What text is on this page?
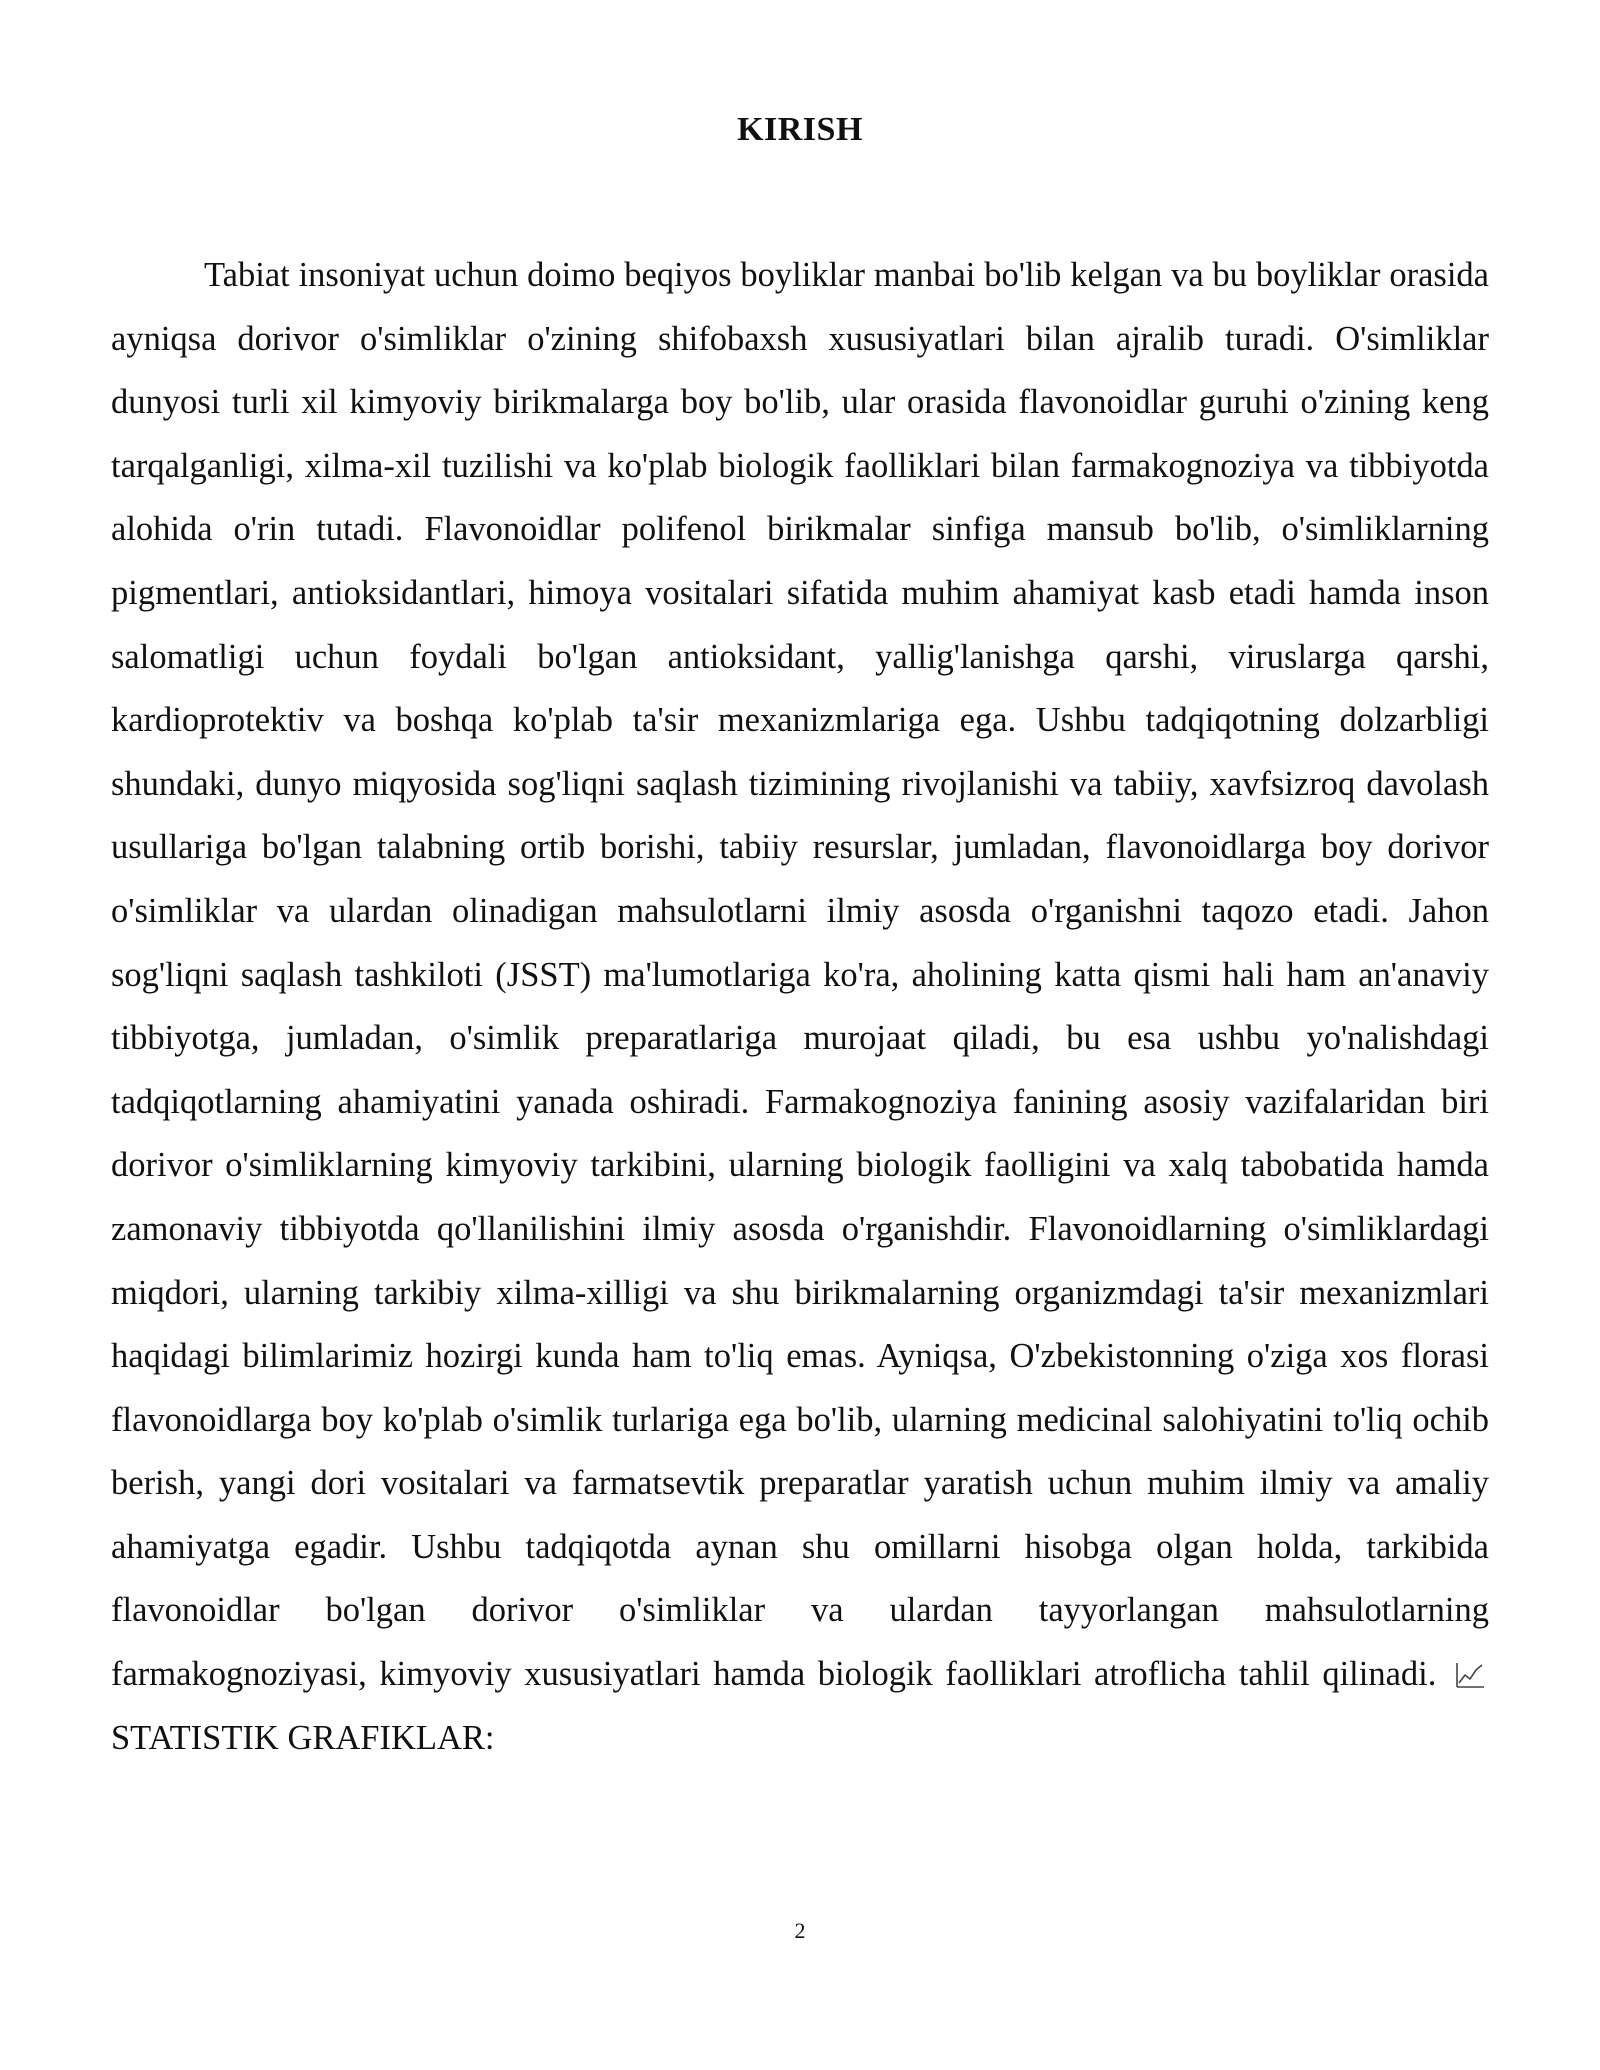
KIRISH

Tabiat insoniyat uchun doimo beqiyos boyliklar manbai bo'lib kelgan va bu boyliklar orasida ayniqsa dorivor o'simliklar o'zining shifobaxsh xususiyatlari bilan ajralib turadi. O'simliklar dunyosi turli xil kimyoviy birikmalarga boy bo'lib, ular orasida flavonoidlar guruhi o'zining keng tarqalganligi, xilma-xil tuzilishi va ko'plab biologik faolliklari bilan farmakognoziya va tibbiyotda alohida o'rin tutadi. Flavonoidlar polifenol birikmalar sinfiga mansub bo'lib, o'simliklarning pigmentlari, antioksidantlari, himoya vositalari sifatida muhim ahamiyat kasb etadi hamda inson salomatligi uchun foydali bo'lgan antioksidant, yallig'lanishga qarshi, viruslarga qarshi, kardioprotektiv va boshqa ko'plab ta'sir mexanizmlariga ega. Ushbu tadqiqotning dolzarbligi shundaki, dunyo miqyosida sog'liqni saqlash tizimining rivojlanishi va tabiiy, xavfsizroq davolash usullariga bo'lgan talabning ortib borishi, tabiiy resurslar, jumladan, flavonoidlarga boy dorivor o'simliklar va ulardan olinadigan mahsulotlarni ilmiy asosda o'rganishni taqozo etadi. Jahon sog'liqni saqlash tashkiloti (JSST) ma'lumotlariga ko'ra, aholining katta qismi hali ham an'anaviy tibbiyotga, jumladan, o'simlik preparatlariga murojaat qiladi, bu esa ushbu yo'nalishdagi tadqiqotlarning ahamiyatini yanada oshiradi. Farmakognoziya fanining asosiy vazifalaridan biri dorivor o'simliklarning kimyoviy tarkibini, ularning biologik faolligini va xalq tabobatida hamda zamonaviy tibbiyotda qo'llanilishini ilmiy asosda o'rganishdir. Flavonoidlarning o'simliklardagi miqdori, ularning tarkibiy xilma-xilligi va shu birikmalarning organizmdagi ta'sir mexanizmlari haqidagi bilimlarimiz hozirgi kunda ham to'liq emas. Ayniqsa, O'zbekistonning o'ziga xos florasi flavonoidlarga boy ko'plab o'simlik turlariga ega bo'lib, ularning medicinal salohiyatini to'liq ochib berish, yangi dori vositalari va farmatsevtik preparatlar yaratish uchun muhim ilmiy va amaliy ahamiyatga egadir. Ushbu tadqiqotda aynan shu omillarni hisobga olgan holda, tarkibida flavonoidlar bo'lgan dorivor o'simliklar va ulardan tayyorlangan mahsulotlarning farmakognoziyasi, kimyoviy xususiyatlari hamda biologik faolliklari atroflicha tahlil qilinadi.
STATISTIK GRAFIKLAR:

2
